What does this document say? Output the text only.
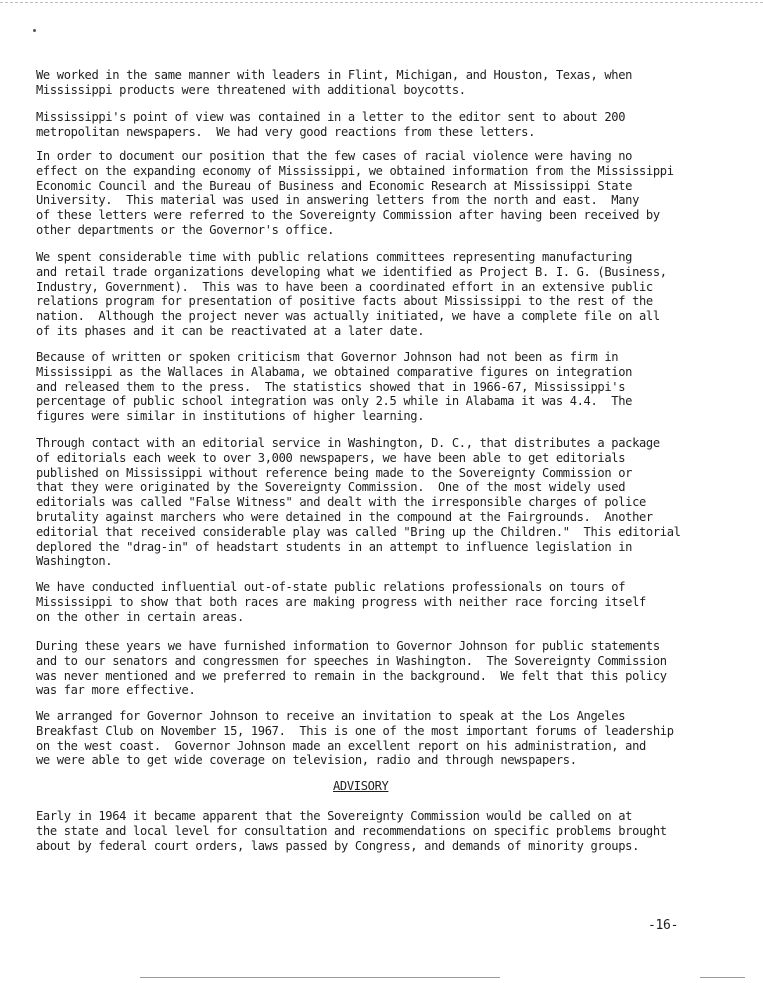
We worked in the same manner with leaders in Flint, Michigan, and Houston, Texas, when
Mississippi products were threatened with additional boycotts.

Mississippi's point of view was contained in a letter to the editor sent to about 200
metropolitan newspapers.  We had very good reactions from these letters.

In order to document our position that the few cases of racial violence were having no
effect on the expanding economy of Mississippi, we obtained information from the Mississippi
Economic Council and the Bureau of Business and Economic Research at Mississippi State
University.  This material was used in answering letters from the north and east.  Many
of these letters were referred to the Sovereignty Commission after having been received by
other departments or the Governor's office.

We spent considerable time with public relations committees representing manufacturing
and retail trade organizations developing what we identified as Project B. I. G. (Business,
Industry, Government).  This was to have been a coordinated effort in an extensive public
relations program for presentation of positive facts about Mississippi to the rest of the
nation.  Although the project never was actually initiated, we have a complete file on all
of its phases and it can be reactivated at a later date.

Because of written or spoken criticism that Governor Johnson had not been as firm in
Mississippi as the Wallaces in Alabama, we obtained comparative figures on integration
and released them to the press.  The statistics showed that in 1966-67, Mississippi's
percentage of public school integration was only 2.5 while in Alabama it was 4.4.  The
figures were similar in institutions of higher learning.

Through contact with an editorial service in Washington, D. C., that distributes a package
of editorials each week to over 3,000 newspapers, we have been able to get editorials
published on Mississippi without reference being made to the Sovereignty Commission or
that they were originated by the Sovereignty Commission.  One of the most widely used
editorials was called "False Witness" and dealt with the irresponsible charges of police
brutality against marchers who were detained in the compound at the Fairgrounds.  Another
editorial that received considerable play was called "Bring up the Children."  This editorial
deplored the "drag-in" of headstart students in an attempt to influence legislation in
Washington.

We have conducted influential out-of-state public relations professionals on tours of
Mississippi to show that both races are making progress with neither race forcing itself
on the other in certain areas.

During these years we have furnished information to Governor Johnson for public statements
and to our senators and congressmen for speeches in Washington.  The Sovereignty Commission
was never mentioned and we preferred to remain in the background.  We felt that this policy
was far more effective.

We arranged for Governor Johnson to receive an invitation to speak at the Los Angeles
Breakfast Club on November 15, 1967.  This is one of the most important forums of leadership
on the west coast.  Governor Johnson made an excellent report on his administration, and
we were able to get wide coverage on television, radio and through newspapers.

ADVISORY

Early in 1964 it became apparent that the Sovereignty Commission would be called on at
the state and local level for consultation and recommendations on specific problems brought
about by federal court orders, laws passed by Congress, and demands of minority groups.

-16-
